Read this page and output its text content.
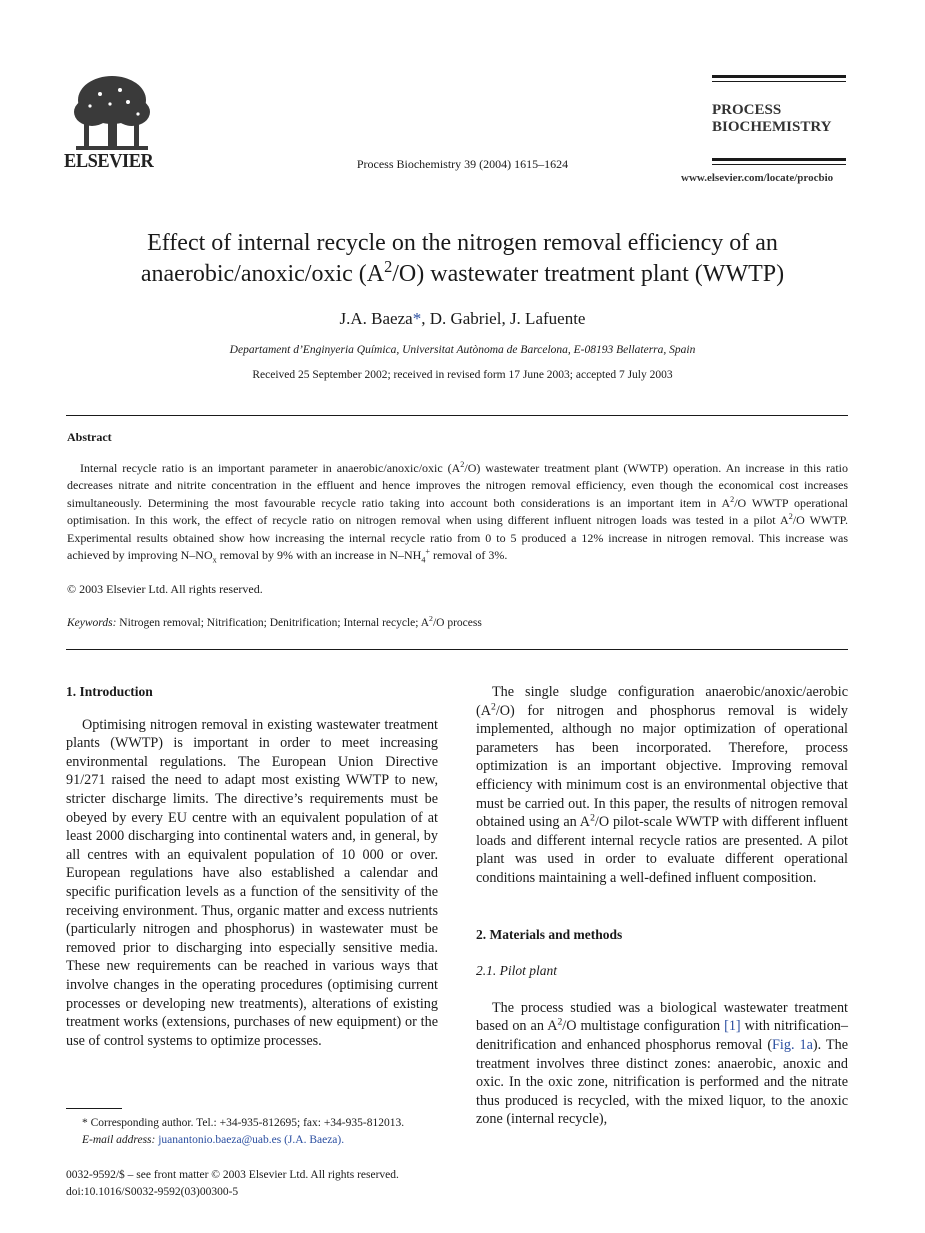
ELSEVIER	Process Biochemistry 39 (2004) 1615–1624
PROCESS
BIOCHEMISTRY
www.elsevier.com/locate/procbio
Effect of internal recycle on the nitrogen removal efficiency of an
anaerobic/anoxic/oxic $(A^2/O)$ wastewater treatment plant (WWTP)
J.A. Baeza*, D. Gabriel, J. Lafuente
Departament d’Enginyeria Química, Universitat Autònoma de Barcelona, E-08193 Bellaterra, Spain
Received 25 September 2002; received in revised form 17 June 2003; accepted 7 July 2003
Abstract

Internal recycle ratio is an important parameter in anaerobic/anoxic/oxic $(A^2/O)$ wastewater treatment plant (WWTP) operation. An increase in this ratio decreases nitrate and nitrite concentration in the effluent and hence improves the nitrogen removal efficiency, even though the economical cost increases simultaneously. Determining the most favourable recycle ratio taking into account both considerations is an important item in $A^2/O$ WWTP operational optimisation. In this work, the effect of recycle ratio on nitrogen removal when using different influent nitrogen loads was tested in a pilot $A^2/O$ WWTP. Experimental results obtained show how increasing the internal recycle ratio from 0 to 5 produced a 12% increase in nitrogen removal. This increase was achieved by improving $N-NO_x$ removal by 9% with an increase in $N-NH_4^+$ removal of 3%.

© 2003 Elsevier Ltd. All rights reserved.
Keywords: Nitrogen removal; Nitrification; Denitrification; Internal recycle; $A^2/O$ process
1. Introduction

Optimising nitrogen removal in existing wastewater treatment plants (WWTP) is important in order to meet increasing environmental regulations. The European Union Directive 91/271 raised the need to adapt most existing WWTP to new, stricter discharge limits. The directive’s requirements must be obeyed by every EU centre with an equivalent population of at least 2000 discharging into continental waters and, in general, by all centres with an equivalent population of 10 000 or over. European regulations have also established a calendar and specific purification levels as a function of the sensitivity of the receiving environment. Thus, organic matter and excess nutrients (particularly nitrogen and phosphorus) in wastewater must be removed prior to discharging into especially sensitive media. These new requirements can be reached in various ways that involve changes in the operating procedures (optimising current processes or developing new treatments), alterations of existing treatment works (extensions, purchases of new equipment) or the use of control systems to optimize processes.

* Corresponding author. Tel.: +34-935-812695; fax: +34-935-812013.
E-mail address: juanantonio.baeza@uab.es (J.A. Baeza).
0032-9592/$ – see front matter © 2003 Elsevier Ltd. All rights reserved.
doi:10.1016/S0032-9592(03)00300-5

The single sludge configuration anaerobic/anoxic/aerobic $(A^2/O)$ for nitrogen and phosphorus removal is widely implemented, although no major optimization of operational parameters has been incorporated. Therefore, process optimization is an important objective. Improving removal efficiency with minimum cost is an environmental objective that must be carried out. In this paper, the results of nitrogen removal obtained using an $A^2/O$ pilot-scale WWTP with different influent loads and different internal recycle ratios are presented. A pilot plant was used in order to evaluate different operational conditions maintaining a well-defined influent composition.

2. Materials and methods
2.1. Pilot plant

The process studied was a biological wastewater treatment based on an $A^2/O$ multistage configuration [1] with nitrification–denitrification and enhanced phosphorus removal (Fig. 1a). The treatment involves three distinct zones: anaerobic, anoxic and oxic. In the oxic zone, nitrification is performed and the nitrate thus produced is recycled, with the mixed liquor, to the anoxic zone (internal recycle),
